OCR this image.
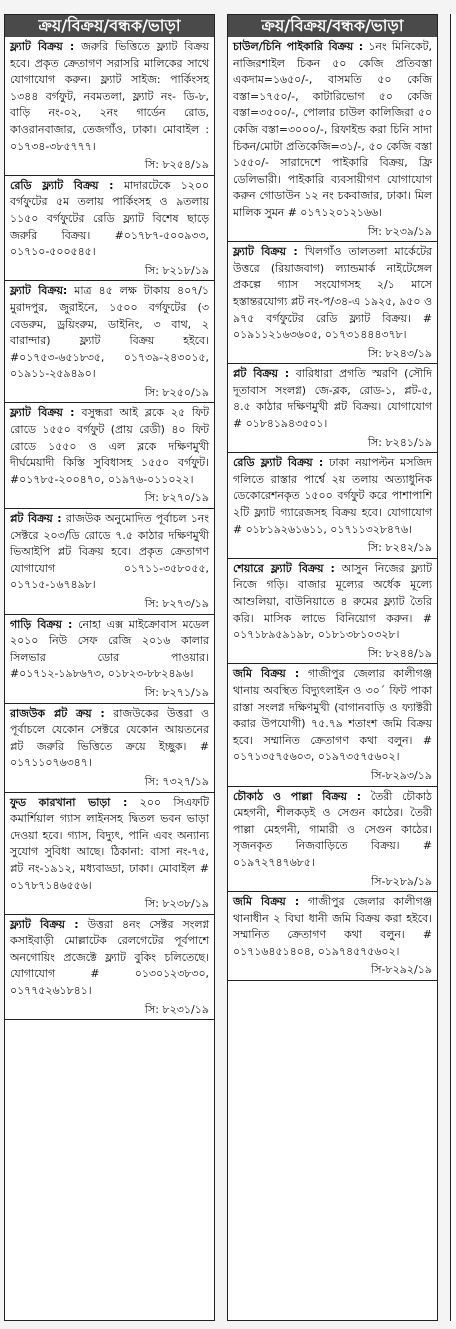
ক্রয়/বিক্রয়/বন্ধক/ভাড়া
ফ্ল্যাট বিক্রয় : জরুরি ভিত্তিতে ফ্ল্যাট বিক্রয় হবে। প্রকৃত ক্রেতাগণ সরাসরি মালিকের সাথে যোগাযোগ করুন। ফ্ল্যাট সাইজ: পার্কিংসহ ১৩৪৪ বর্গফুট, নবমতলা, ফ্ল্যাট নং- ডি-৮, বাড়ি নং-০২, ২নং গার্ডেন রোড, কাওরানবাজার, তেজগাঁও, ঢাকা। মোবাইল : ০১৭৩৪-৩৮৫৭৭৭।
সি: ৮২৫৪/১৯
রেডি ফ্ল্যাট বিক্রয় : মাদারটেকে ১২০০ বর্গফুটের ৫ম তলায় পার্কিংসহ ও ৯তলায় ১১৫০ বর্গফুটের রেডি ফ্ল্যাট বিশেষ ছাড়ে জরুরি বিক্রয়। #০১৭৮৭-৫০০৯৩৩, ০১৭১০-৫০০৫৪৫।
সি: ৮২১৮/১৯
ফ্ল্যাট বিক্রয়: মাত্র ৪৫ লক্ষ টাকায় ৪০৭/১ মুরাদপুর, জুরাইনে, ১৫০০ বর্গফুটের (৩ বেডরুম, ড্রয়িংরুম, ডাইনিং, ৩ বাথ, ২ বারান্দার) ফ্ল্যাট বিক্রয় হইবে। #০১৭৫৩-৬৫১৮৩৫, ০১৭৩৯-২৪৩০১৫, ০১৯১১-২৫৯৪৯০।
সি: ৮২৫০/১৯
ফ্ল্যাট বিক্রয় : বসুন্ধরা আই ব্লকে ২৫ ফিট রোডে ১৫৫০ বর্গফুট (প্রায় রেডী) ৪০ ফিট রোডে ১৫৫০ ও এল ব্লকে দক্ষিণমুখী দীর্ঘমেয়াদী কিস্তি সুবিধাসহ ১৫৫০ বর্গফুট। #০১৭৮৫-২০০৪৭০, ০১৯৭৬-০১১০২২।
সি: ৮২৭০/১৯
প্লট বিক্রয় : রাজউক অনুমোদিত পূর্বাচল ১নং সেক্টরে ২০৩/ডি রোডে ৭.৫ কাঠার দক্ষিণমুখী ভিআইপি প্লট বিক্রয় হবে। প্রকৃত ক্রেতাগণ যোগাযোগ ০১৭১১-৩৫৮০৫৫, ০১৭১৫-১৬৭৪৯৮।
সি: ৮২৭৩/১৯
গাড়ি বিক্রয় : নোহা এক্স মাইক্রোবাস মডেল ২০১০ নিউ সেফ রেজি ২০১৬ কালার সিলভার ডোর পাওয়ার। #০১৭১২-১৯৮৬৭৩, ০১৮২৩-৮৮২৪৯৬।
সি: ৮২৭১/১৯
রাজউক প্লট ক্রয় : রাজউকের উত্তরা ও পূর্বাচলে যেকোন সেক্টরে যেকোন আয়তনের প্লট জরুরি ভিত্তিতে ক্রয়ে ইচ্ছুক। # ০১৭১১০৭৬৩৪৭।
সি: ৭৩২৭/১৯
ফুড কারখানা ভাড়া : ২০০ সিএফটি কমার্শিয়াল গ্যাস লাইনসহ দ্বিতল ভবন ভাড়া দেওয়া হবে। গ্যাস, বিদ্যুৎ, পানি এবং অন্যান্য সুযোগ সুবিধা আছে। ঠিকানা: বাসা নং-৭৫, প্লট নং-১৯১২, মধ্যবাড্ডা, ঢাকা। মোবাইল # ০১৭৮৭১৪৬৫৫৬।
সি: ৮২৩৮/১৯
ফ্ল্যাট বিক্রয় : উত্তরা ৪নং সেক্টর সংলগ্ন কসাইবাড়ী মোল্লাটেক রেলগেটের পূর্বপাশে অনগোয়িং প্রজেক্টে ফ্ল্যাট বুকিং চলিতেছে। যোগাযোগ # ০১৩০১২৩৮৩০, ০১৭৭৫২৬১৮৪১।
সি: ৮২৩১/১৯
ক্রয়/বিক্রয়/বন্ধক/ভাড়া
চাউল/চিনি পাইকারি বিক্রয় : ১নং মিনিকেট, নাজিরশাইল চিকন ৫০ কেজি প্রতিবস্তা একদাম=১৬৫০/-, বাসমতি ৫০ কেজি বস্তা=১৭৫০/-, কাটারিভোগ ৫০ কেজি বস্তা=৩৫০০/-, পোলার চাউল কালিজিরা ৫০ কেজি বস্তা=৩০০০/-, রিফাইন্ড করা চিনি সাদা চিকন/মোটা প্রতিকেজি=৩১/-, ৫০ কেজি বস্তা ১৫৫০/- সারাদেশে পাইকারি বিক্রয়, ফ্রি ডেলিভারী। পাইকারি ব্যবসায়ীগণ যোগাযোগ করুন গোডাউন ১২ নং চকবাজার, ঢাকা। মিল মালিক সুমন # ০১৭১২০১২১৬৬।
সি: ৮২৩৯/১৯
ফ্ল্যাট বিক্রয় : খিলগাঁও তালতলা মার্কেটের উত্তরে (রিয়াজবাগ) ল্যান্ডমার্ক নাইটেঙ্গেল প্রকল্পে গ্যাস সংযোগসহ ২/১ মাসে হস্তান্তরযোগ্য প্লট নং-প/৩৪-এ ১৯২৫, ৯৫০ ও ৯৭৫ বর্গফুটের রেডি ফ্ল্যাট বিক্রয়। # ০১৯১১২১৬৩৬০৫, ০১৭৩১৪৪৪৩৭৮।
সি: ৮২৪৩/১৯
প্লট বিক্রয় : বারিধারা প্রগতি স্মরণি (সৌদি দূতাবাস সংলগ্ন) জে-ব্লক, রোড-১, প্লট-৫, ৪.৫ কাঠার দক্ষিণমুখী প্লট বিক্রয়। যোগাযোগ # ০১৮৪১৯৪৩৫০১।
সি: ৮২৪১/১৯
রেডি ফ্ল্যাট বিক্রয় : ঢাকা নয়াপল্টন মসজিদ গলিতে রাস্তার পার্শ্বে ২য় তলায় অত্যাধুনিক ডেকোরেশনকৃত ১৫০০ বর্গফুট করে পাশাপাশি ২টি ফ্ল্যাট গ্যারেজসহ বিক্রয় হবে। যোগাযোগ # ০১৮১৯২৬১৬১১, ০১৭১১৩২৮৪৭৬।
সি: ৮২৪২/১৯
শেয়ারে ফ্ল্যাট বিক্রয় : আসুন নিজের ফ্ল্যাট নিজে গড়ি। বাজার মূল্যের অর্ধেক মূল্যে আশুলিয়া, বাউনিয়াতে ৪ রুমের ফ্ল্যাট তৈরি করি। মাসিক লাভে বিনিয়োগ করুন। # ০১৭১৮৯৫৯১৯৮, ০১৮১৩৮১০৩২৮।
সি: ৮২৪৪/১৯
জমি বিক্রয় : গাজীপুর জেলার কালীগঞ্জ থানায় অবস্থিত বিদ্যুৎলাইন ও ৩০´ ফিট পাকা রাস্তা সংলগ্ন দক্ষিণমুখী (বাগানবাড়ি ও ফ্যাক্টরী করার উপযোগী) ৭৫.৭৯ শতাংশ জমি বিক্রয় হবে। সম্মানিত ক্রেতাগণ কথা বলুন। # ০১৭১৩৫৭৫৬০৩, ০১৯৭৩৫৭৫৬০২।
সি-৮২৯৩/১৯
চৌকাঠ ও পাল্লা বিক্রয় : তৈরী চৌকাঠ মেহগনী, শীলকড়ই ও সেগুন কাঠের। তৈরী পাল্লা মেহগনী, গামারী ও সেগুন কাঠের। সৃজনকৃত নিজবাড়িতে বিক্রয়। # ০১৯৭২৭৪৭৬৮৫।
সি-৮২৮৯/১৯
জমি বিক্রয় : গাজীপুর জেলার কালীগঞ্জ থানাধীন ২ বিঘা ধানী জমি বিক্রয় করা হইবে। সম্মানিত ক্রেতাগণ কথা বলুন। # ০১৭১৬৪৫১৪০৪, ০১৯৭৪৫৭৫৬০২।
সি-৮২৯২/১৯
